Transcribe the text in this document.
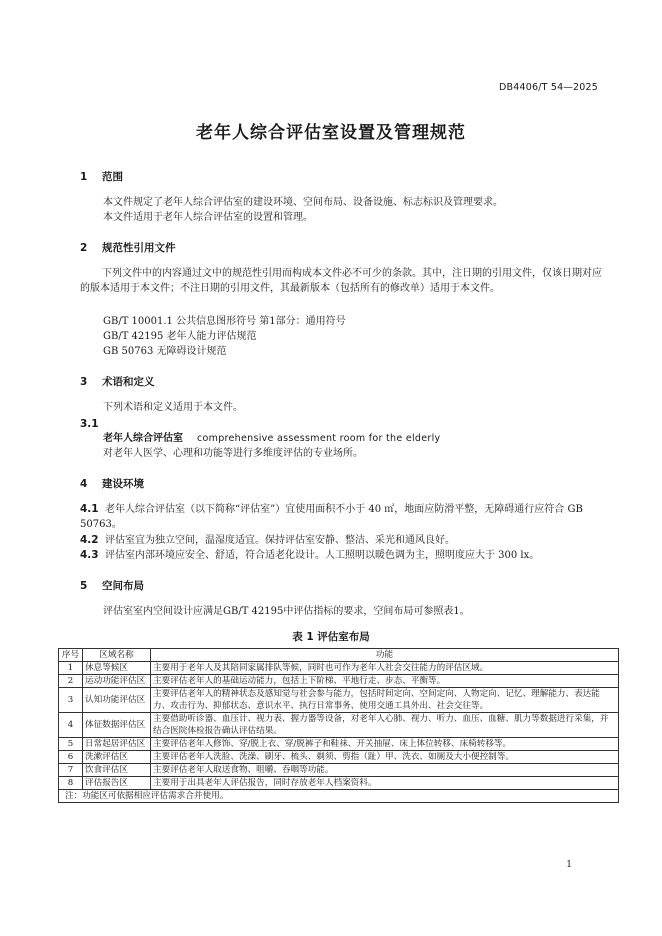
DB4406/T 54—2025
老年人综合评估室设置及管理规范
1 范围
本文件规定了老年人综合评估室的建设环境、空间布局、设备设施、标志标识及管理要求。
本文件适用于老年人综合评估室的设置和管理。
2 规范性引用文件
下列文件中的内容通过文中的规范性引用而构成本文件必不可少的条款。其中，注日期的引用文件，仅该日期对应的版本适用于本文件；不注日期的引用文件，其最新版本（包括所有的修改单）适用于本文件。
GB/T 10001.1 公共信息图形符号 第1部分：通用符号
GB/T 42195 老年人能力评估规范
GB 50763 无障碍设计规范
3 术语和定义
下列术语和定义适用于本文件。
3.1
老年人综合评估室 comprehensive assessment room for the elderly
对老年人医学、心理和功能等进行多维度评估的专业场所。
4 建设环境
4.1 老年人综合评估室（以下简称“评估室”）宜使用面积不小于 40 ㎡，地面应防滑平整，无障碍通行应符合 GB 50763。
4.2 评估室宜为独立空间，温湿度适宜。保持评估室安静、整洁、采光和通风良好。
4.3 评估室内部环境应安全、舒适，符合适老化设计。人工照明以暖色调为主，照明度应大于 300 lx。
5 空间布局
评估室室内空间设计应满足GB/T 42195中评估指标的要求，空间布局可参照表1。
表 1 评估室布局
序号	区域名称	功能
1	休息等候区	主要用于老年人及其陪同家属排队等候，同时也可作为老年人社会交往能力的评估区域。
2	运动功能评估区	主要评估老年人的基础运动能力，包括上下阶梯、平地行走、步态、平衡等。
3	认知功能评估区	主要评估老年人的精神状态及感知觉与社会参与能力，包括时间定向、空间定向、人物定向、记忆、理解能力、表达能力、攻击行为、抑郁状态、意识水平、执行日常事务、使用交通工具外出、社会交往等。
4	体征数据评估区	主要借助听诊器、血压计、视力表、握力器等设备，对老年人心肺、视力、听力、血压、血糖、肌力等数据进行采集，并结合医院体检报告确认评估结果。
5	日常起居评估区	主要评估老年人修饰、穿/脱上衣、穿/脱裤子和鞋袜、开关抽屉、床上体位转移、床椅转移等。
6	洗漱评估区	主要评估老年人洗脸、洗澡、刷牙、梳头、剃须、剪指（趾）甲、洗衣、如厕及大小便控制等。
7	饮食评估区	主要评估老年人取送食物、咀嚼、吞咽等功能。
8	评估报告区	主要用于出具老年人评估报告，同时存放老年人档案资料。
注：功能区可依据相应评估需求合并使用。		
1
